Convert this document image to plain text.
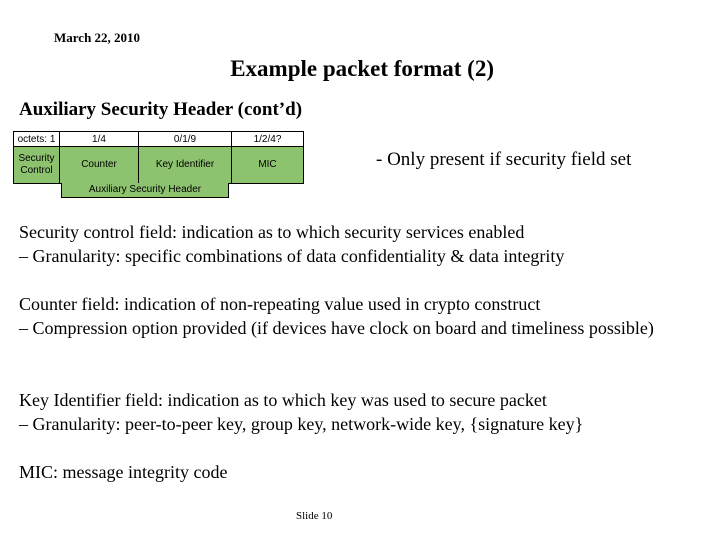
March 22, 2010
Example packet format (2)
Auxiliary Security Header (cont’d)
octets: 1	1/4	0/1/9	1/2/4?
Security Control	Counter	Key Identifier	MIC
Auxiliary Security Header
- Only present if security field set
Security control field: indication as to which security services enabled
– Granularity: specific combinations of data confidentiality & data integrity
Counter field: indication of non-repeating value used in crypto construct
– Compression option provided (if devices have clock on board and timeliness possible)
Key Identifier field: indication as to which key was used to secure packet
– Granularity: peer-to-peer key, group key, network-wide key, {signature key}
MIC: message integrity code
Slide 10
